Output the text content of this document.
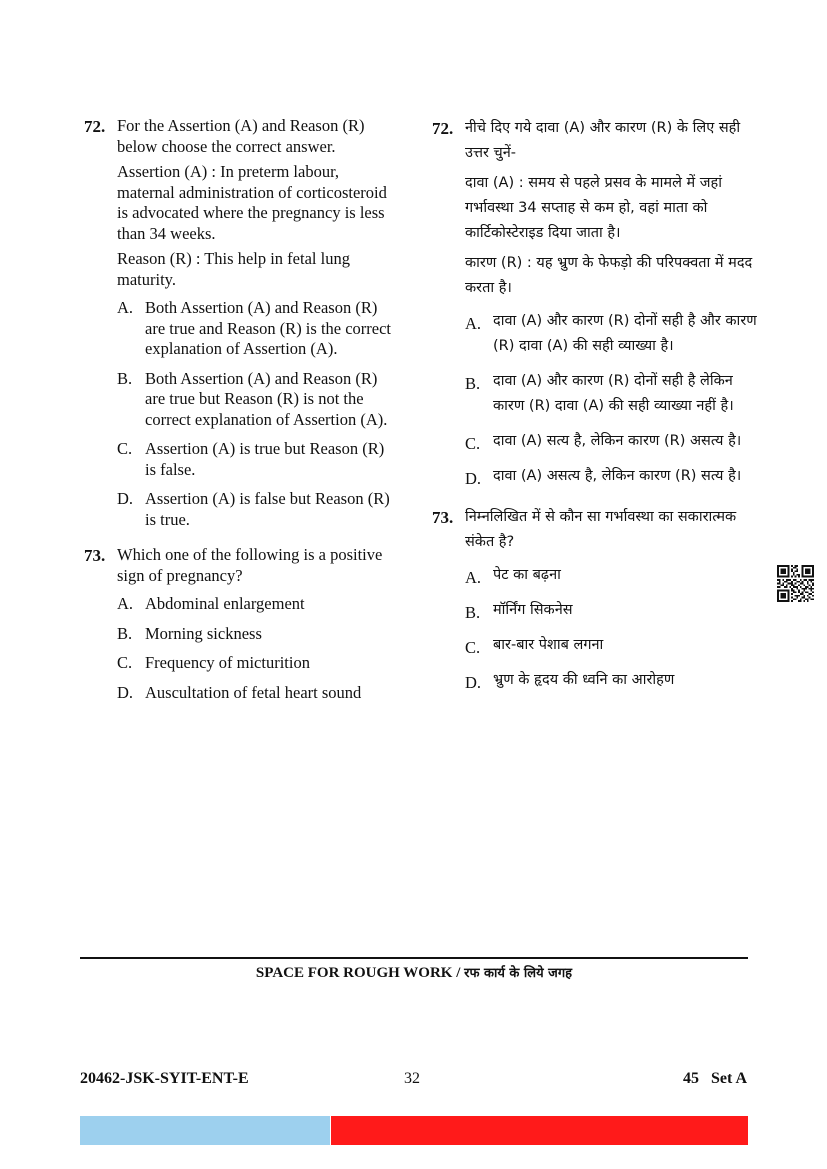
72. For the Assertion (A) and Reason (R) below choose the correct answer.
Assertion (A) : In preterm labour, maternal administration of corticosteroid is advocated where the pregnancy is less than 34 weeks.
Reason (R) : This help in fetal lung maturity.
A. Both Assertion (A) and Reason (R) are true and Reason (R) is the correct explanation of Assertion (A).
B. Both Assertion (A) and Reason (R) are true but Reason (R) is not the correct explanation of Assertion (A).
C. Assertion (A) is true but Reason (R) is false.
D. Assertion (A) is false but Reason (R) is true.
73. Which one of the following is a positive sign of pregnancy?
A. Abdominal enlargement
B. Morning sickness
C. Frequency of micturition
D. Auscultation of fetal heart sound
72. नीचे दिए गये दावा (A) और कारण (R) के लिए सही उत्तर चुनें-
दावा (A) : समय से पहले प्रसव के मामले में जहां गर्भावस्था 34 सप्ताह से कम हो, वहां माता को कार्टिकोस्टेराइड दिया जाता है।
कारण (R) : यह भ्रुण के फेफड़ो की परिपक्वता में मदद करता है।
A. दावा (A) और कारण (R) दोनों सही है और कारण (R) दावा (A) की सही व्याख्या है।
B. दावा (A) और कारण (R) दोनों सही है लेकिन कारण (R) दावा (A) की सही व्याख्या नहीं है।
C. दावा (A) सत्य है, लेकिन कारण (R) असत्य है।
D. दावा (A) असत्य है, लेकिन कारण (R) सत्य है।
73. निम्नलिखित में से कौन सा गर्भावस्था का सकारात्मक संकेत है?
A. पेट का बढ़ना
B. मॉर्निंग सिकनेस
C. बार-बार पेशाब लगना
D. भ्रुण के हृदय की ध्वनि का आरोहण
SPACE FOR ROUGH WORK / रफ कार्य के लिये जगह
20462-JSK-SYIT-ENT-E	32	45   Set A
